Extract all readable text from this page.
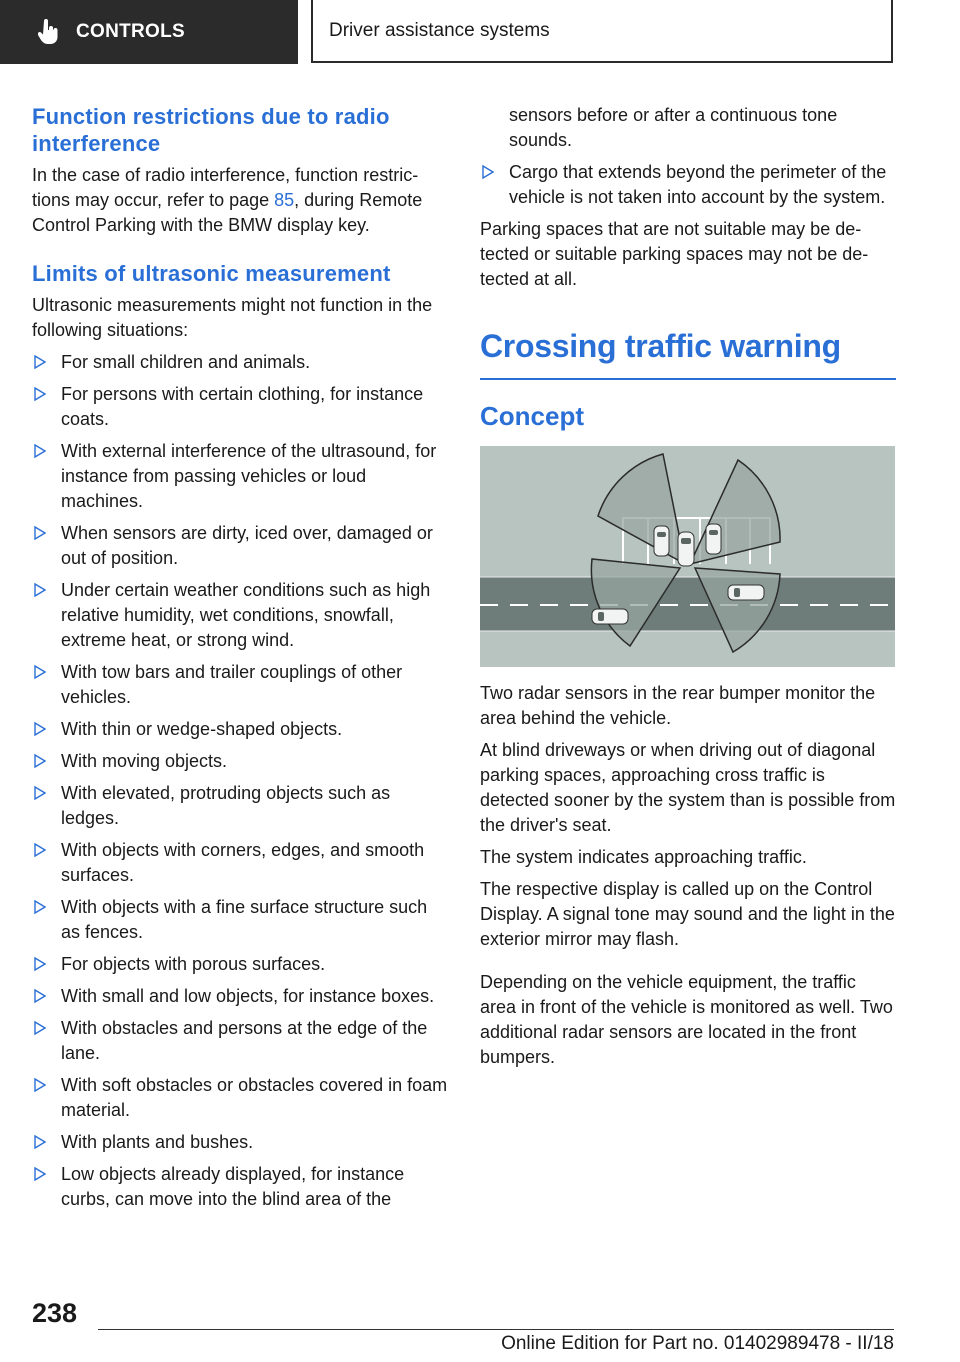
CONTROLS	Driver assistance systems
Function restrictions due to radio interference

In the case of radio interference, function restrictions may occur, refer to page 85, during Remote Control Parking with the BMW display key.

Limits of ultrasonic measurement

Ultrasonic measurements might not function in the following situations:

For small children and animals.
For persons with certain clothing, for instance coats.
With external interference of the ultrasound, for instance from passing vehicles or loud machines.
When sensors are dirty, iced over, damaged or out of position.
Under certain weather conditions such as high relative humidity, wet conditions, snowfall, extreme heat, or strong wind.
With tow bars and trailer couplings of other vehicles.
With thin or wedge-shaped objects.
With moving objects.
With elevated, protruding objects such as ledges.
With objects with corners, edges, and smooth surfaces.
With objects with a fine surface structure such as fences.
For objects with porous surfaces.
With small and low objects, for instance boxes.
With obstacles and persons at the edge of the lane.
With soft obstacles or obstacles covered in foam material.
With plants and bushes.
Low objects already displayed, for instance curbs, can move into the blind area of the
sensors before or after a continuous tone sounds.
Cargo that extends beyond the perimeter of the vehicle is not taken into account by the system.

Parking spaces that are not suitable may be detected or suitable parking spaces may not be detected at all.

Crossing traffic warning
Concept

Two radar sensors in the rear bumper monitor the area behind the vehicle.

At blind driveways or when driving out of diagonal parking spaces, approaching cross traffic is detected sooner by the system than is possible from the driver's seat.

The system indicates approaching traffic.

The respective display is called up on the Control Display. A signal tone may sound and the light in the exterior mirror may flash.

Depending on the vehicle equipment, the traffic area in front of the vehicle is monitored as well. Two additional radar sensors are located in the front bumpers.

238
Online Edition for Part no. 01402989478 - II/18
